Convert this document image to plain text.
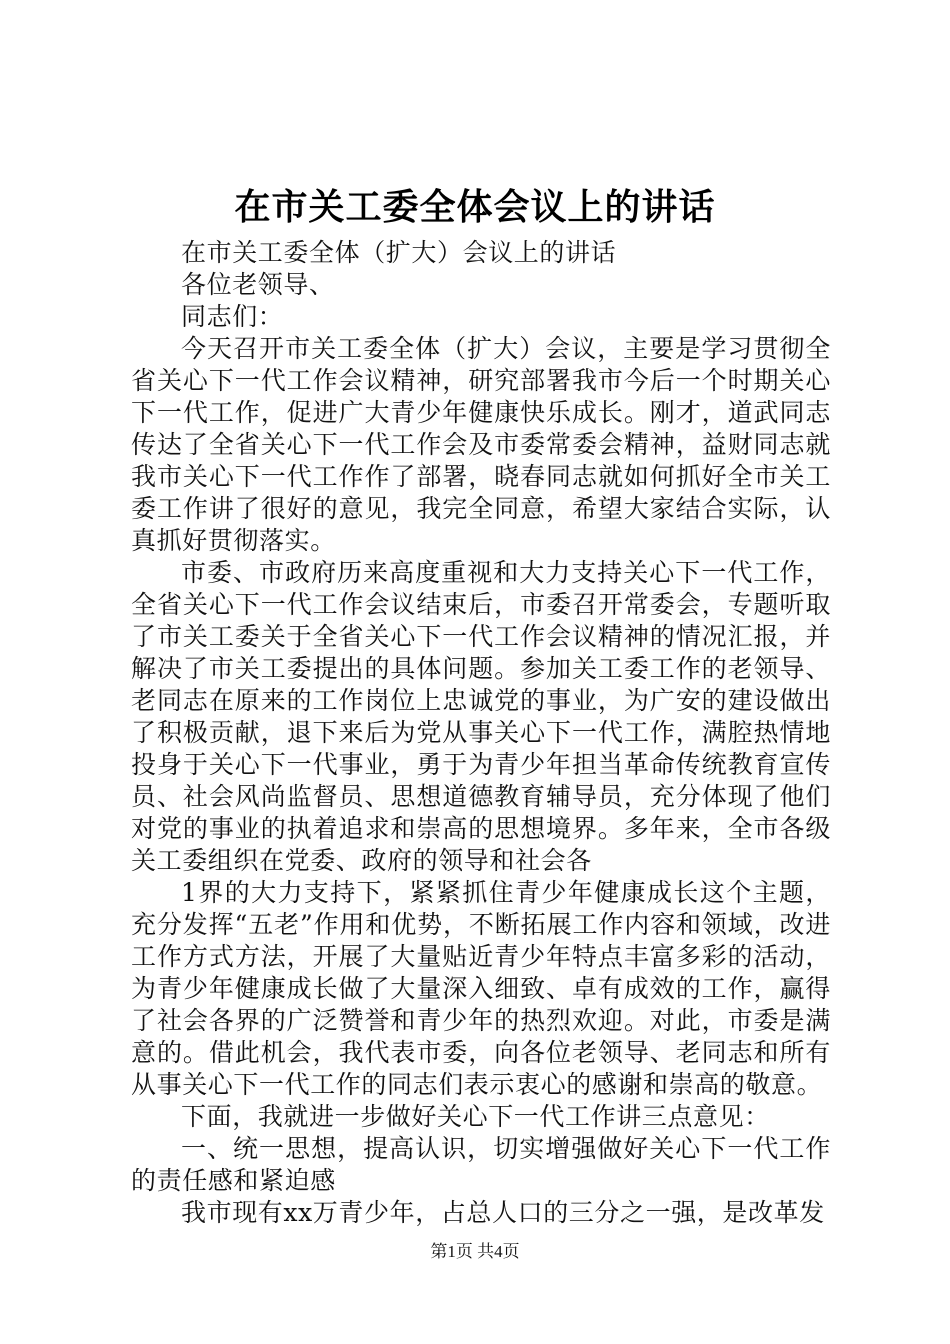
在市关工委全体会议上的讲话

在市关工委全体（扩大）会议上的讲话

各位老领导、

同志们：

今天召开市关工委全体（扩大）会议，主要是学习贯彻全省关心下一代工作会议精神，研究部署我市今后一个时期关心下一代工作，促进广大青少年健康快乐成长。刚才，道武同志传达了全省关心下一代工作会及市委常委会精神，益财同志就我市关心下一代工作作了部署，晓春同志就如何抓好全市关工委工作讲了很好的意见，我完全同意，希望大家结合实际，认真抓好贯彻落实。

市委、市政府历来高度重视和大力支持关心下一代工作，全省关心下一代工作会议结束后，市委召开常委会，专题听取了市关工委关于全省关心下一代工作会议精神的情况汇报，并解决了市关工委提出的具体问题。参加关工委工作的老领导、老同志在原来的工作岗位上忠诚党的事业，为广安的建设做出了积极贡献，退下来后为党从事关心下一代工作，满腔热情地投身于关心下一代事业，勇于为青少年担当革命传统教育宣传员、社会风尚监督员、思想道德教育辅导员，充分体现了他们对党的事业的执着追求和崇高的思想境界。多年来，全市各级关工委组织在党委、政府的领导和社会各

1界的大力支持下，紧紧抓住青少年健康成长这个主题，充分发挥“五老”作用和优势，不断拓展工作内容和领域，改进工作方式方法，开展了大量贴近青少年特点丰富多彩的活动，为青少年健康成长做了大量深入细致、卓有成效的工作，赢得了社会各界的广泛赞誉和青少年的热烈欢迎。对此，市委是满意的。借此机会，我代表市委，向各位老领导、老同志和所有从事关心下一代工作的同志们表示衷心的感谢和崇高的敬意。

下面，我就进一步做好关心下一代工作讲三点意见：

一、统一思想，提高认识，切实增强做好关心下一代工作的责任感和紧迫感

我市现有xx万青少年，占总人口的三分之一强，是改革发

第1页 共4页
